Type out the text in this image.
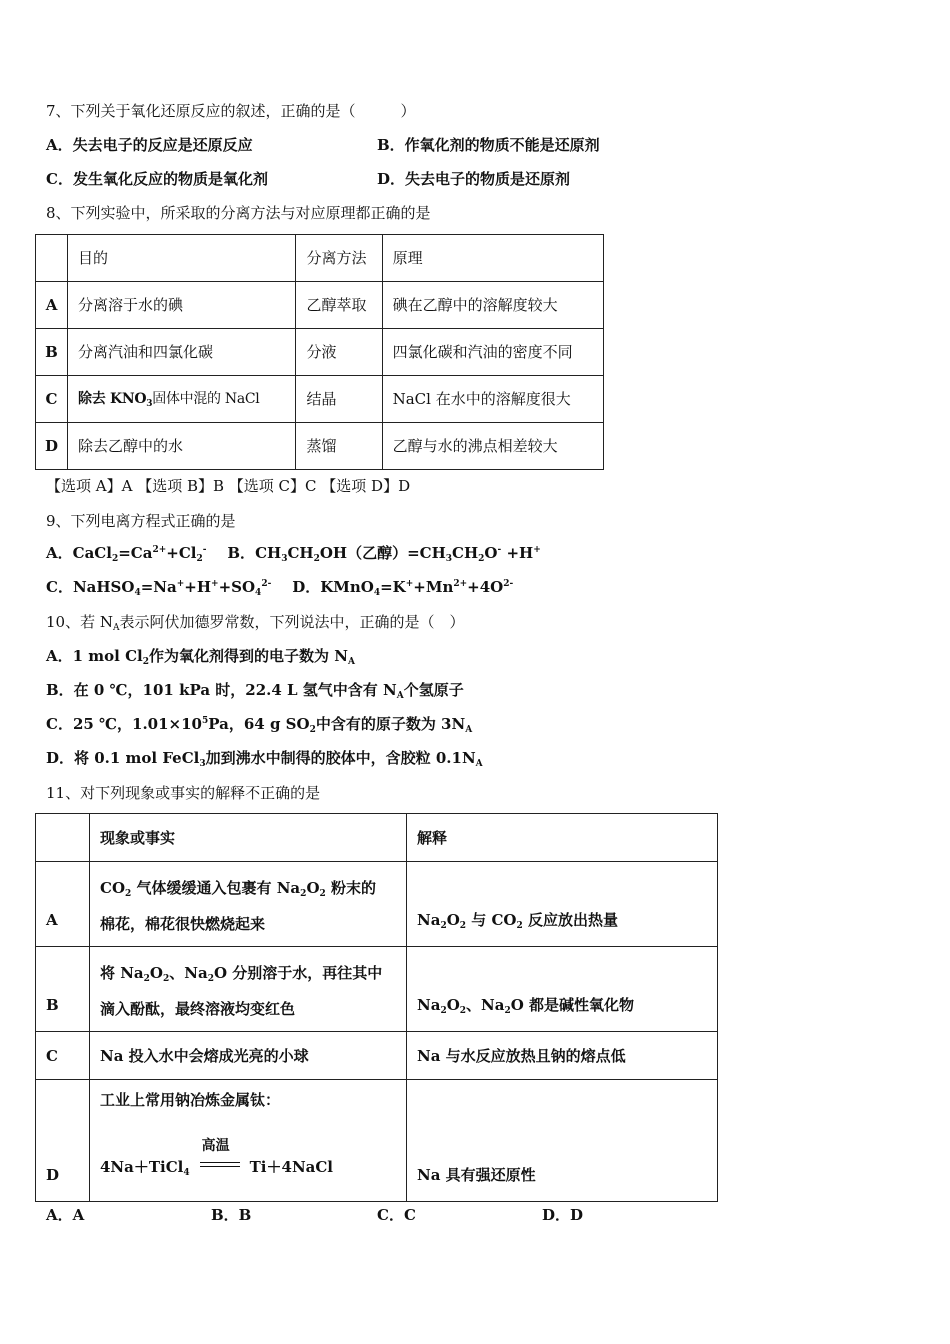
7、下列关于氧化还原反应的叙述，正确的是（　　　）
A．失去电子的反应是还原反应	B．作氧化剂的物质不能是还原剂
C．发生氧化反应的物质是氧化剂	D．失去电子的物质是还原剂
8、下列实验中，所采取的分离方法与对应原理都正确的是
	目的	分离方法	原理
A	分离溶于水的碘	乙醇萃取	碘在乙醇中的溶解度较大
B	分离汽油和四氯化碳	分液	四氯化碳和汽油的密度不同
C	除去 $KNO_3$固体中混的 NaCl	结晶	NaCl 在水中的溶解度很大
D	除去乙醇中的水	蒸馏	乙醇与水的沸点相差较大
【选项 A】A 【选项 B】B 【选项 C】C 【选项 D】D
9、下列电离方程式正确的是
A．$CaCl_2=Ca^{2+}+Cl_2^-$ B．$CH_3CH_2OH$（乙醇）$=CH_3CH_2O^- +H^+$
C．$NaHSO_4=Na^++H^++SO_4^{2-}$ D．$KMnO_4=K^++Mn^{2+}+4O^{2-}$
10、若 $N_A$表示阿伏加德罗常数，下列说法中，正确的是（　）
A．1 mol $Cl_2$作为氧化剂得到的电子数为 $N_A$
B．在 0 ℃，101 kPa 时，22.4 L 氢气中含有 $N_A$个氢原子
C．25 ℃，$1.01\times 10^5Pa$，64 g $SO_2$中含有的原子数为 $3N_A$
D．将 0.1 mol FeCl$_3$加到沸水中制得的胶体中，含胶粒 $0.1N_A$
11、对下列现象或事实的解释不正确的是
	现象或事实	解释
A	$CO_2$ 气体缓缓通入包裹有 $Na_2O_2$ 粉末的
棉花，棉花很快燃烧起来	$Na_2O_2$ 与 $CO_2$ 反应放出热量
B	将 $Na_2O_2$、$Na_2O$ 分别溶于水，再往其中
滴入酚酞，最终溶液均变红色	$Na_2O_2$、$Na_2O$ 都是碱性氧化物
C	Na 投入水中会熔成光亮的小球	Na 与水反应放热且钠的熔点低
D	工业上常用钠冶炼金属钛：
4Na＋TiCl$_4$
高温
Ti＋4NaCl	Na 具有强还原性
A．A	B．B	C．C	D．D
